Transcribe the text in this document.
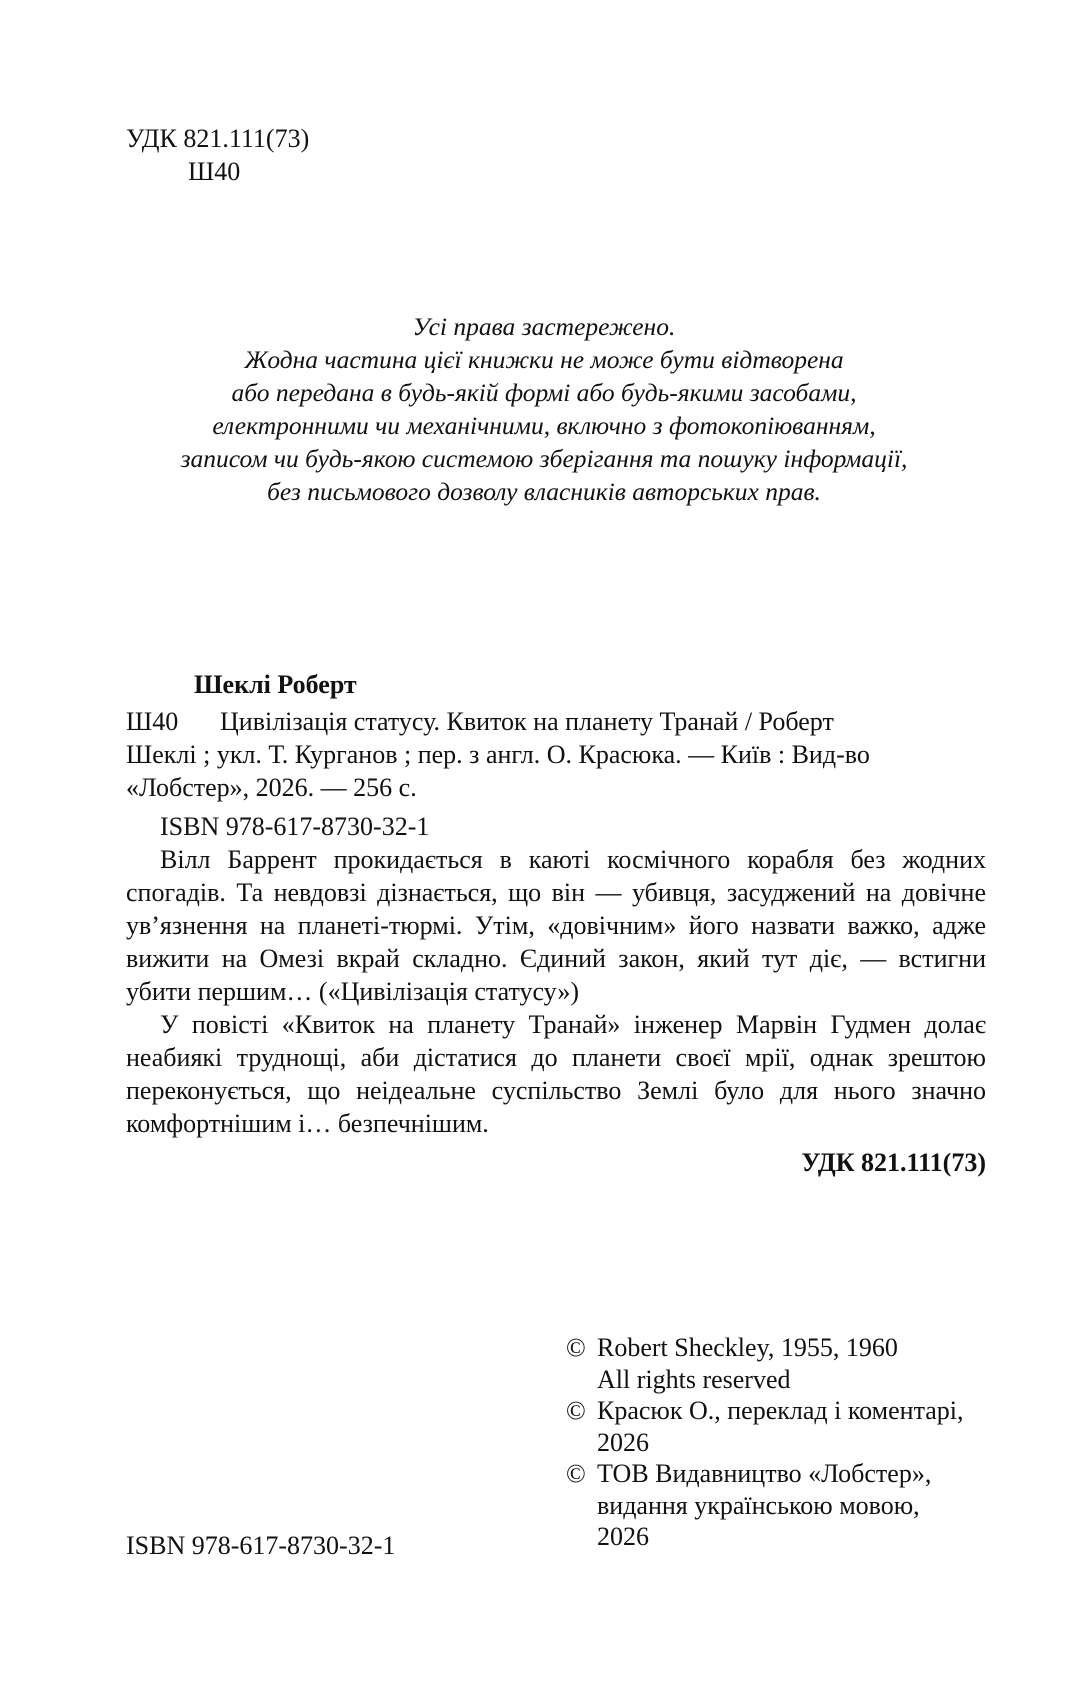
УДК 821.111(73)
Ш40
Усі права застережено.
Жодна частина цієї книжки не може бути відтворена
або передана в будь-якій формі або будь-якими засобами,
електронними чи механічними, включно з фотокопіюванням,
записом чи будь-якою системою зберігання та пошуку інформації,
без письмового дозволу власників авторських прав.
Шеклі Роберт
Ш40	Цивілізація статусу. Квиток на планету Транай / Роберт
Шеклі ; укл. Т. Курганов ; пер. з англ. О. Красюка. — Київ : Вид-во
«Лобстер», 2026. — 256 с.
ISBN 978-617-8730-32-1
Вілл Баррент прокидається в каюті космічного корабля без жодних спогадів. Та невдовзі дізнається, що він — убивця, засуджений на довічне ув’язнення на планеті-тюрмі. Утім, «довічним» його назвати важко, адже вижити на Омезі вкрай складно. Єдиний закон, який тут діє, — встигни убити першим… («Цивілізація статусу»)
У повісті «Квиток на планету Транай» інженер Марвін Гудмен долає неабиякі труднощі, аби дістатися до планети своєї мрії, однак зрештою переконується, що неідеальне суспільство Землі було для нього значно комфортнішим і… безпечнішим.
УДК 821.111(73)
© Robert Sheckley, 1955, 1960
All rights reserved
© Красюк О., переклад і коментарі,
2026
© ТОВ Видавництво «Лобстер»,
видання українською мовою,
2026
ISBN 978-617-8730-32-1
